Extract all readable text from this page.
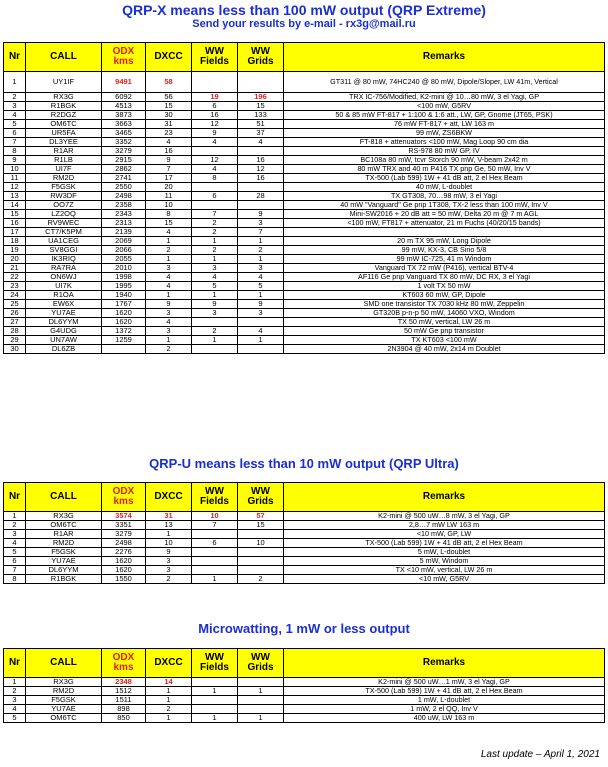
QRP-X means less than 100 mW output (QRP Extreme)
Send your results by e-mail - rx3g@mail.ru
Nr	CALL	ODX kms	DXCC	WW Fields	WW Grids	Remarks
1	UY1IF	9491	58			GT311 @ 80 mW, 74HC240 @ 80 mW, Dipole/Sloper, LW 41m, Vertical
2	RX3G	6092	56	19	196	TRX IC-756/Modified, K2-mini @ 10…80 mW, 3 el Yagi, GP
3	R1BGK	4513	15	6	15	<100 mW, G5RV
4	R2DGZ	3873	30	16	133	50 & 85 mW FT-817 + 1:100 & 1:6 att., LW, GP, Gnome (JT65, PSK)
5	OM6TC	3663	31	12	51	76 mW FT-817 + att, LW 163 m
6	UR5FA	3465	23	9	37	99 mW, ZS6BKW
7	DL3YEE	3352	4	4	4	FT-818 + attenuators <100 mW, Mag Loop 90 cm dia
8	R1AR	3279	16			RS-978 80 mW GP, IV
9	R1LB	2915	9	12	16	BC108a 80 mW, tcvr Storch 90 mW, V-beam 2x42 m
10	UI7F	2862	7	4	12	80 mW TRX and 40 m P416 TX pnp Ge, 50 mW, Inv V
11	RM2D	2741	17	8	16	TX-500 (Lab 599) 1W + 41 dB att, 2 el Hex Beam
12	F5GSK	2550	20			40 mW, L-doublet
13	RW3DF	2498	11	6	28	TX GT308, 70…98 mW, 3 el Yagi
14	OO7Z	2358	10			40 mW "Vanguard" Ge pnp 1T308, TX-2 less than 100 mW, Inv V
15	LZ2OQ	2343	8	7	9	Mini-SW2016 + 20 dB att = 50 mW, Delta 20 m @ 7 m AGL
16	RV9WEC	2313	15	2	3	<100 mW, FT817 + attenuator, 21 m Fuchs (40/20/15 bands)
17	CT7/K5PM	2139	4	2	7	
18	UA1CEG	2069	1	1	1	20 m TX 95 mW, Long Dipole
19	SV8GGI	2066	2	2	2	99 mW, KX-3, CB Sirio 5/8
20	IK3RIQ	2055	1	1	1	99 mW IC-725, 41 m Windom
21	RA7RA	2010	3	3	3	Vanguard TX 72 mW (P416), vertical BTV-4
22	ON6WJ	1998	4	4	4	AF116 Ge pnp Vanguard TX 80 mW, DC RX, 3 el Yagi
23	UI7K	1995	4	5	5	1 volt TX 50 mW
24	R1OA	1940	1	1	1	KT603 60 mW, GP, Dipole
25	EW6X	1767	9	9	9	SMD one transistor TX 7030 kHz 80 mW, Zeppelin
26	YU7AE	1620	3	3	3	GT320B p-n-p 50 mW, 14060 VXO, Windom
27	DL6YYM	1620	4			TX 50 mW, vertical, LW 26 m
28	G4UDG	1372	3	2	4	50 mW Ge pnp transistor
29	UN7AW	1259	1	1	1	TX KT603 <100 mW
30	DL6ZB		2			2N3904 @ 40 mW, 2x14 m Doublet
QRP-U means less than 10 mW output (QRP Ultra)
Nr	CALL	ODX kms	DXCC	WW Fields	WW Grids	Remarks
1	RX3G	3574	31	10	57	K2-mini @ 500 uW…8 mW, 3 el Yagi, GP
2	OM6TC	3351	13	7	15	2,8…7 mW LW 163 m
3	R1AR	3279	1			<10 mW, GP, LW
4	RM2D	2498	10	6	10	TX-500 (Lab 599) 1W + 41 dB att, 2 el Hex Beam
5	F5GSK	2276	9			5 mW, L-doublet
6	YU7AE	1620	3			5 mW, Windom
7	DL6YYM	1620	3			TX <10 mW, vertical, LW 26 m
8	R1BGK	1550	2	1	2	<10 mW, G5RV
Microwatting, 1 mW or less output
Nr	CALL	ODX kms	DXCC	WW Fields	WW Grids	Remarks
1	RX3G	2348	14			K2-mini @ 500 uW…1 mW, 3 el Yagi, GP
2	RM2D	1512	1	1	1	TX-500 (Lab 599) 1W + 41 dB att, 2 el Hex Beam
3	F5GSK	1511	1			1 mW, L-doublet
4	YU7AE	898	2			1 mW, 2 el QQ, Inv V
5	OM6TC	850	1	1	1	400 uW, LW 163 m
Last update – April 1, 2021
